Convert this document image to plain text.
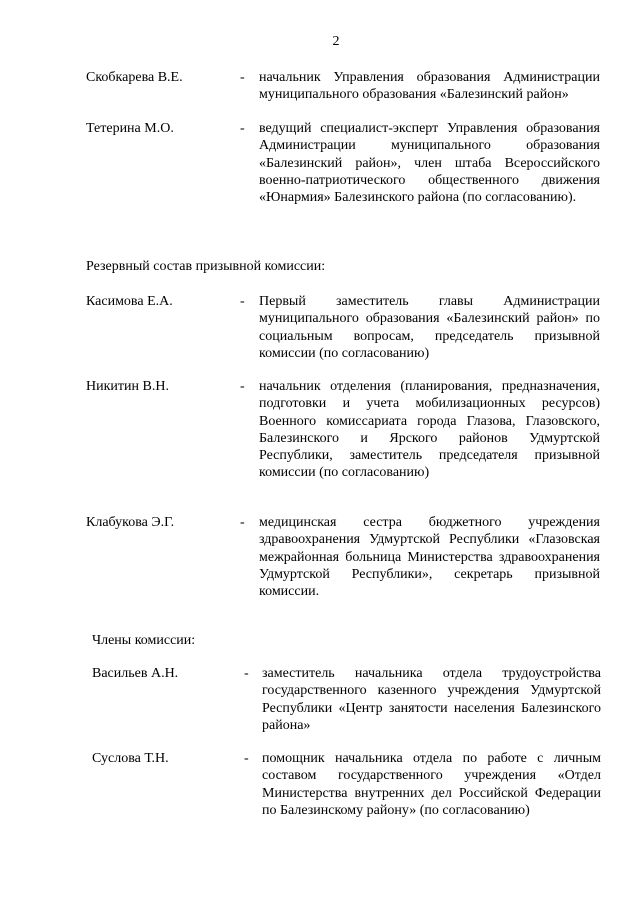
2
Скобкарева В.Е.	- начальник Управления образования Администрации муниципального образования «Балезинский район»
Тетерина М.О.	- ведущий специалист-эксперт Управления образования Администрации муниципального образования «Балезинский район», член штаба Всероссийского военно-патриотического общественного движения «Юнармия» Балезинского района (по согласованию).
Резервный состав призывной комиссии:
Касимова Е.А.	- Первый заместитель главы Администрации муниципального образования «Балезинский район» по социальным вопросам, председатель призывной комиссии (по согласованию)
Никитин В.Н.	- начальник отделения (планирования, предназначения, подготовки и учета мобилизационных ресурсов) Военного комиссариата города Глазова, Глазовского, Балезинского и Ярского районов Удмуртской Республики, заместитель председателя призывной комиссии (по согласованию)
Клабукова Э.Г.	- медицинская сестра бюджетного учреждения здравоохранения Удмуртской Республики «Глазовская межрайонная больница Министерства здравоохранения Удмуртской Республики», секретарь призывной комиссии.
Члены комиссии:
Васильев А.Н.	- заместитель начальника отдела трудоустройства государственного казенного учреждения Удмуртской Республики «Центр занятости населения Балезинского района»
Суслова Т.Н.	- помощник начальника отдела по работе с личным составом государственного учреждения «Отдел Министерства внутренних дел Российской Федерации по Балезинскому району» (по согласованию)
